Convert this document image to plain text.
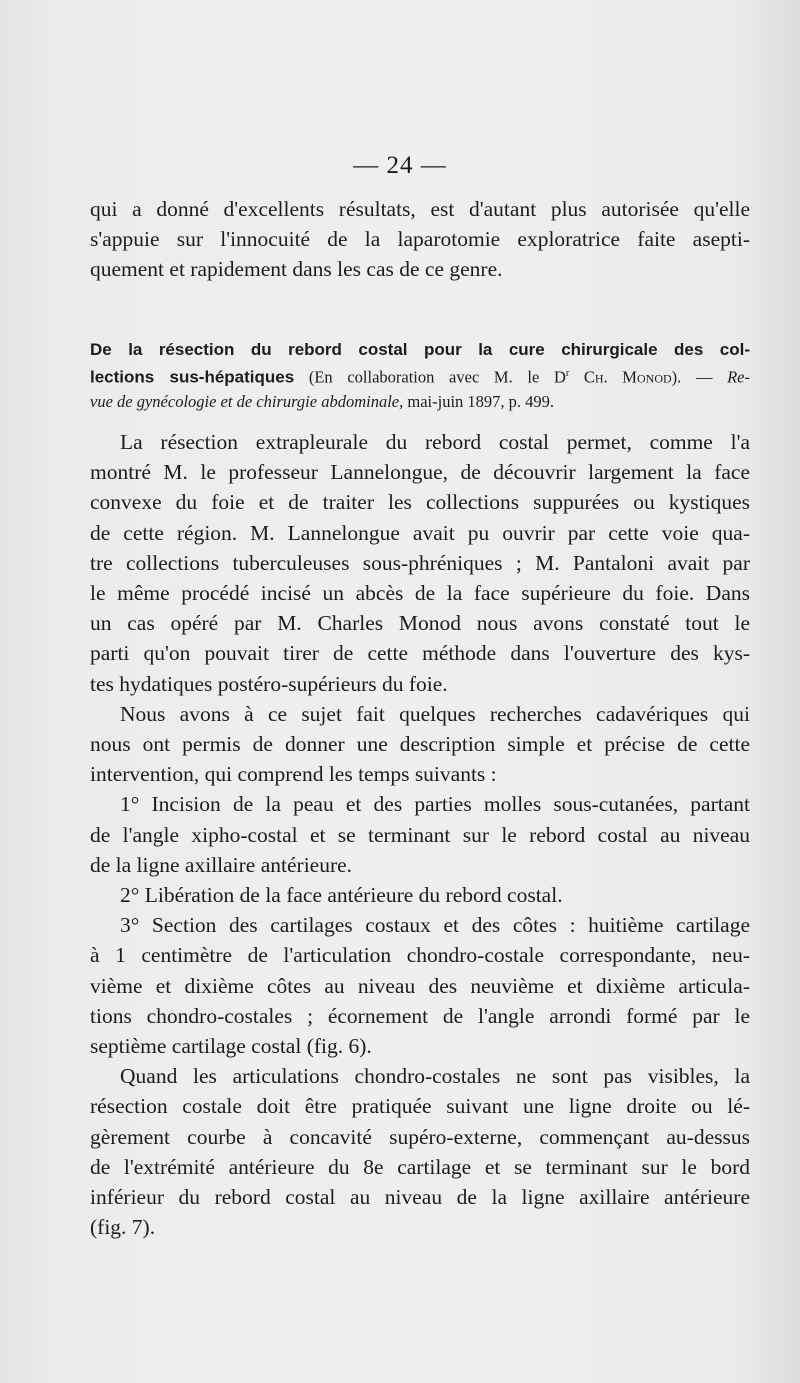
— 24 —
qui a donné d'excellents résultats, est d'autant plus autorisée qu'elle
s'appuie sur l'innocuité de la laparotomie exploratrice faite asepti-
quement et rapidement dans les cas de ce genre.
De la résection du rebord costal pour la cure chirurgicale des col-
lections sus-hépatiques (En collaboration avec M. le $D^r$ Ch. Monod). — Re-
vue de gynécologie et de chirurgie abdominale, mai-juin 1897, p. 499.
La résection extrapleurale du rebord costal permet, comme l'a
montré M. le professeur Lannelongue, de découvrir largement la face
convexe du foie et de traiter les collections suppurées ou kystiques
de cette région. M. Lannelongue avait pu ouvrir par cette voie qua-
tre collections tuberculeuses sous-phréniques ; M. Pantaloni avait par
le même procédé incisé un abcès de la face supérieure du foie. Dans
un cas opéré par M. Charles Monod nous avons constaté tout le
parti qu'on pouvait tirer de cette méthode dans l'ouverture des kys-
tes hydatiques postéro-supérieurs du foie.
Nous avons à ce sujet fait quelques recherches cadavériques qui
nous ont permis de donner une description simple et précise de cette
intervention, qui comprend les temps suivants :
1° Incision de la peau et des parties molles sous-cutanées, partant
de l'angle xipho-costal et se terminant sur le rebord costal au niveau
de la ligne axillaire antérieure.
2° Libération de la face antérieure du rebord costal.
3° Section des cartilages costaux et des côtes : huitième cartilage
à 1 centimètre de l'articulation chondro-costale correspondante, neu-
vième et dixième côtes au niveau des neuvième et dixième articula-
tions chondro-costales ; écornement de l'angle arrondi formé par le
septième cartilage costal (fig. 6).
Quand les articulations chondro-costales ne sont pas visibles, la
résection costale doit être pratiquée suivant une ligne droite ou lé-
gèrement courbe à concavité supéro-externe, commençant au-dessus
de l'extrémité antérieure du 8e cartilage et se terminant sur le bord
inférieur du rebord costal au niveau de la ligne axillaire antérieure
(fig. 7).
